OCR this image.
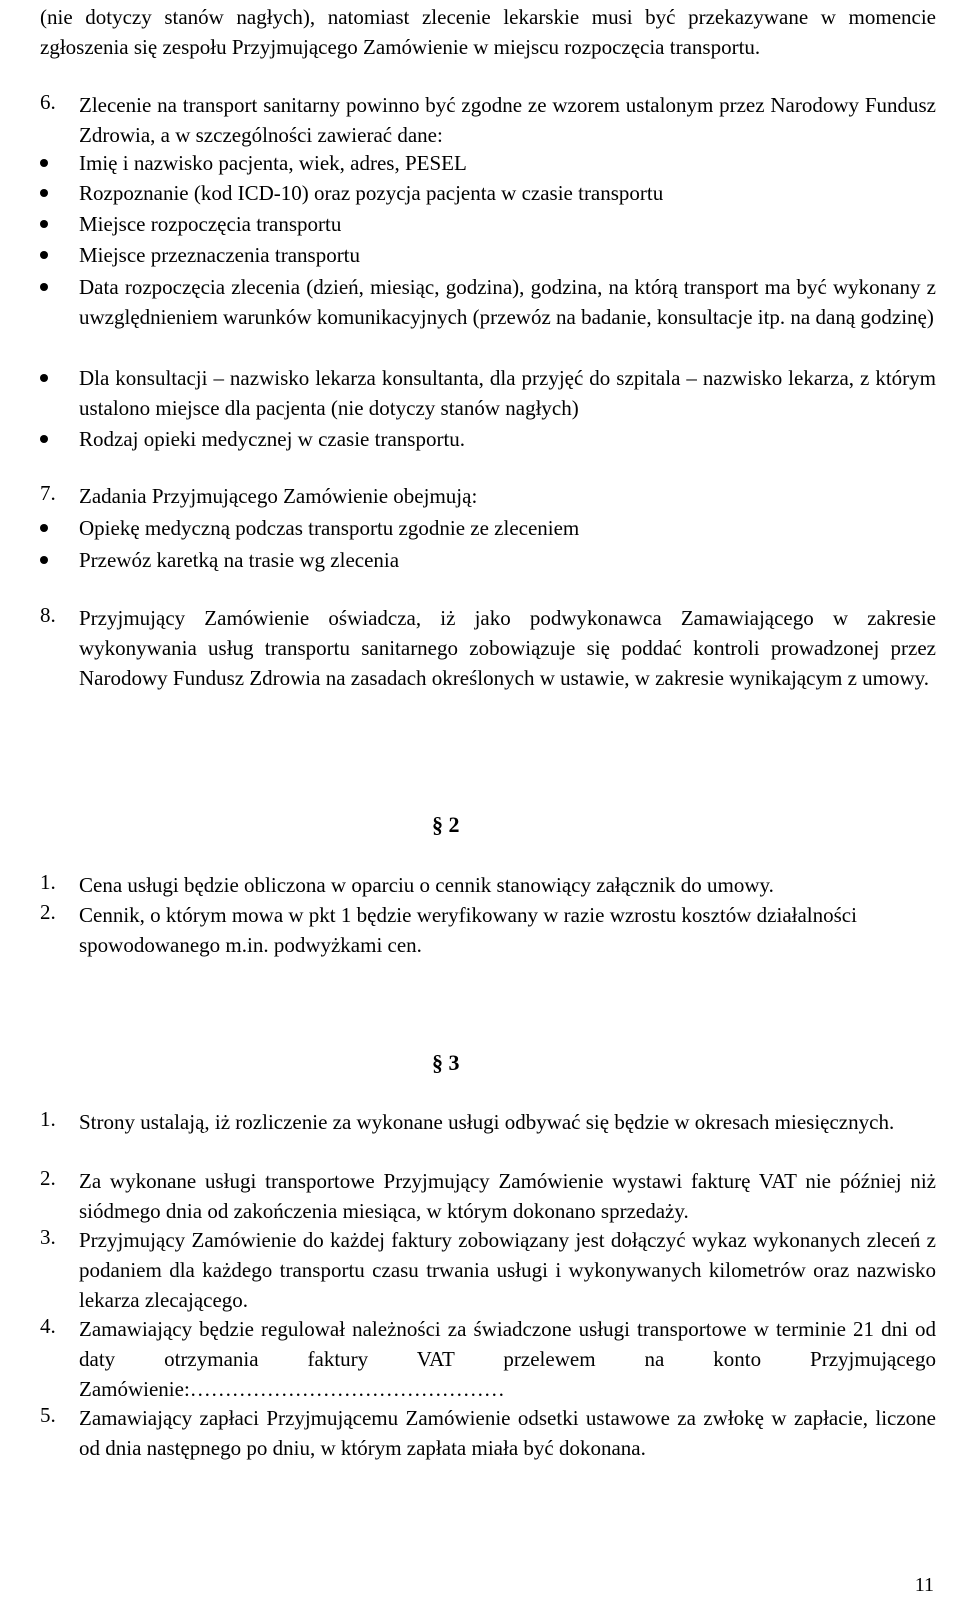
(nie dotyczy stanów nagłych), natomiast zlecenie lekarskie musi być przekazywane w momencie zgłoszenia się zespołu Przyjmującego Zamówienie w miejscu rozpoczęcia transportu.

6. Zlecenie na transport sanitarny powinno być zgodne ze wzorem ustalonym przez Narodowy Fundusz Zdrowia, a w szczególności zawierać dane:
Imię i nazwisko pacjenta, wiek, adres, PESEL
Rozpoznanie (kod ICD-10) oraz pozycja pacjenta w czasie transportu
Miejsce rozpoczęcia transportu
Miejsce przeznaczenia transportu
Data rozpoczęcia zlecenia (dzień, miesiąc, godzina), godzina, na którą transport ma być wykonany z uwzględnieniem warunków komunikacyjnych (przewóz na badanie, konsultacje itp. na daną godzinę)
Dla konsultacji – nazwisko lekarza konsultanta, dla przyjęć do szpitala – nazwisko lekarza, z którym ustalono miejsce dla pacjenta (nie dotyczy stanów nagłych)
Rodzaj opieki medycznej w czasie transportu.
7. Zadania Przyjmującego Zamówienie obejmują:
Opiekę medyczną podczas transportu zgodnie ze zleceniem
Przewóz karetką na trasie wg zlecenia
8. Przyjmujący Zamówienie oświadcza, iż jako podwykonawca Zamawiającego w zakresie wykonywania usług transportu sanitarnego zobowiązuje się poddać kontroli prowadzonej przez Narodowy Fundusz Zdrowia na zasadach określonych w ustawie, w zakresie wynikającym z umowy.
§ 2
1. Cena usługi będzie obliczona w oparciu o cennik stanowiący załącznik do umowy.
2. Cennik, o którym mowa w pkt 1 będzie weryfikowany w razie wzrostu kosztów działalności spowodowanego m.in. podwyżkami cen.
§ 3
1. Strony ustalają, iż rozliczenie za wykonane usługi odbywać się będzie w okresach miesięcznych.
2. Za wykonane usługi transportowe Przyjmujący Zamówienie wystawi fakturę VAT nie później niż siódmego dnia od zakończenia miesiąca, w którym dokonano sprzedaży.
3. Przyjmujący Zamówienie do każdej faktury zobowiązany jest dołączyć wykaz wykonanych zleceń z podaniem dla każdego transportu czasu trwania usługi i wykonywanych kilometrów oraz nazwisko lekarza zlecającego.
4. Zamawiający będzie regulował należności za świadczone usługi transportowe w terminie 21 dni od daty otrzymania faktury VAT przelewem na konto Przyjmującego Zamówienie:………………………………………
5. Zamawiający zapłaci Przyjmującemu Zamówienie odsetki ustawowe za zwłokę w zapłacie, liczone od dnia następnego po dniu, w którym zapłata miała być dokonana.
11
